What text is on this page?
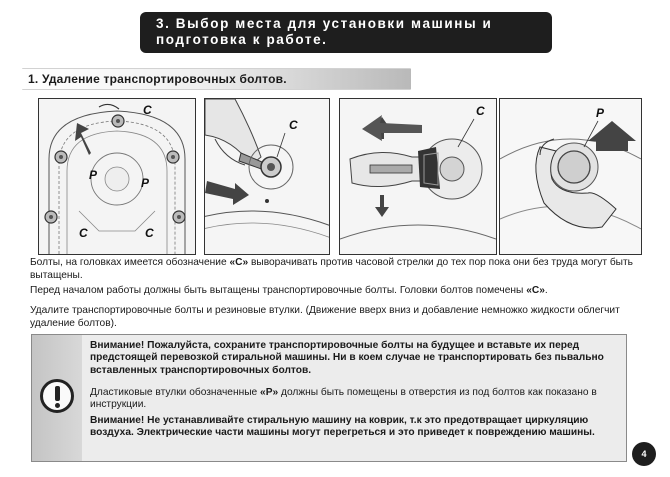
3. Выбор места для установки машины и
подготовка к работе.
1. Удаление транспортировочных болтов.
C
P
P
C	C
C
C	P
Болты, на головках имеется обозначение «С» выворачивать против часовой стрелки до тех пор пока они без труда могут быть вытащены.
Перед началом работы должны быть вытащены транспортировочные болты. Головки болтов помечены «С».
Удалите транспортировочные болты и резиновые втулки. (Движение вверх вниз и добавление немножко жидкости облегчит удаление болтов).
Внимание! Пожалуйста, сохраните транспортировочные болты на будущее и вставьте их перед предстоящей перевозкой стиральной машины. Ни в коем случае не транспортировать без пьвально вставленных транспортировочных болтов.
Длaстиковые втулки обозначенные «Р» должны быть помещены в отверстия из под болтов как показано в инструкции.
Внимание! Не устанавливайте стиральную машину на коврик, т.к это предотвращaет циркуляцию воздуха. Электрические части машины могут перегреться и это приведет к повреждению машины.
4
